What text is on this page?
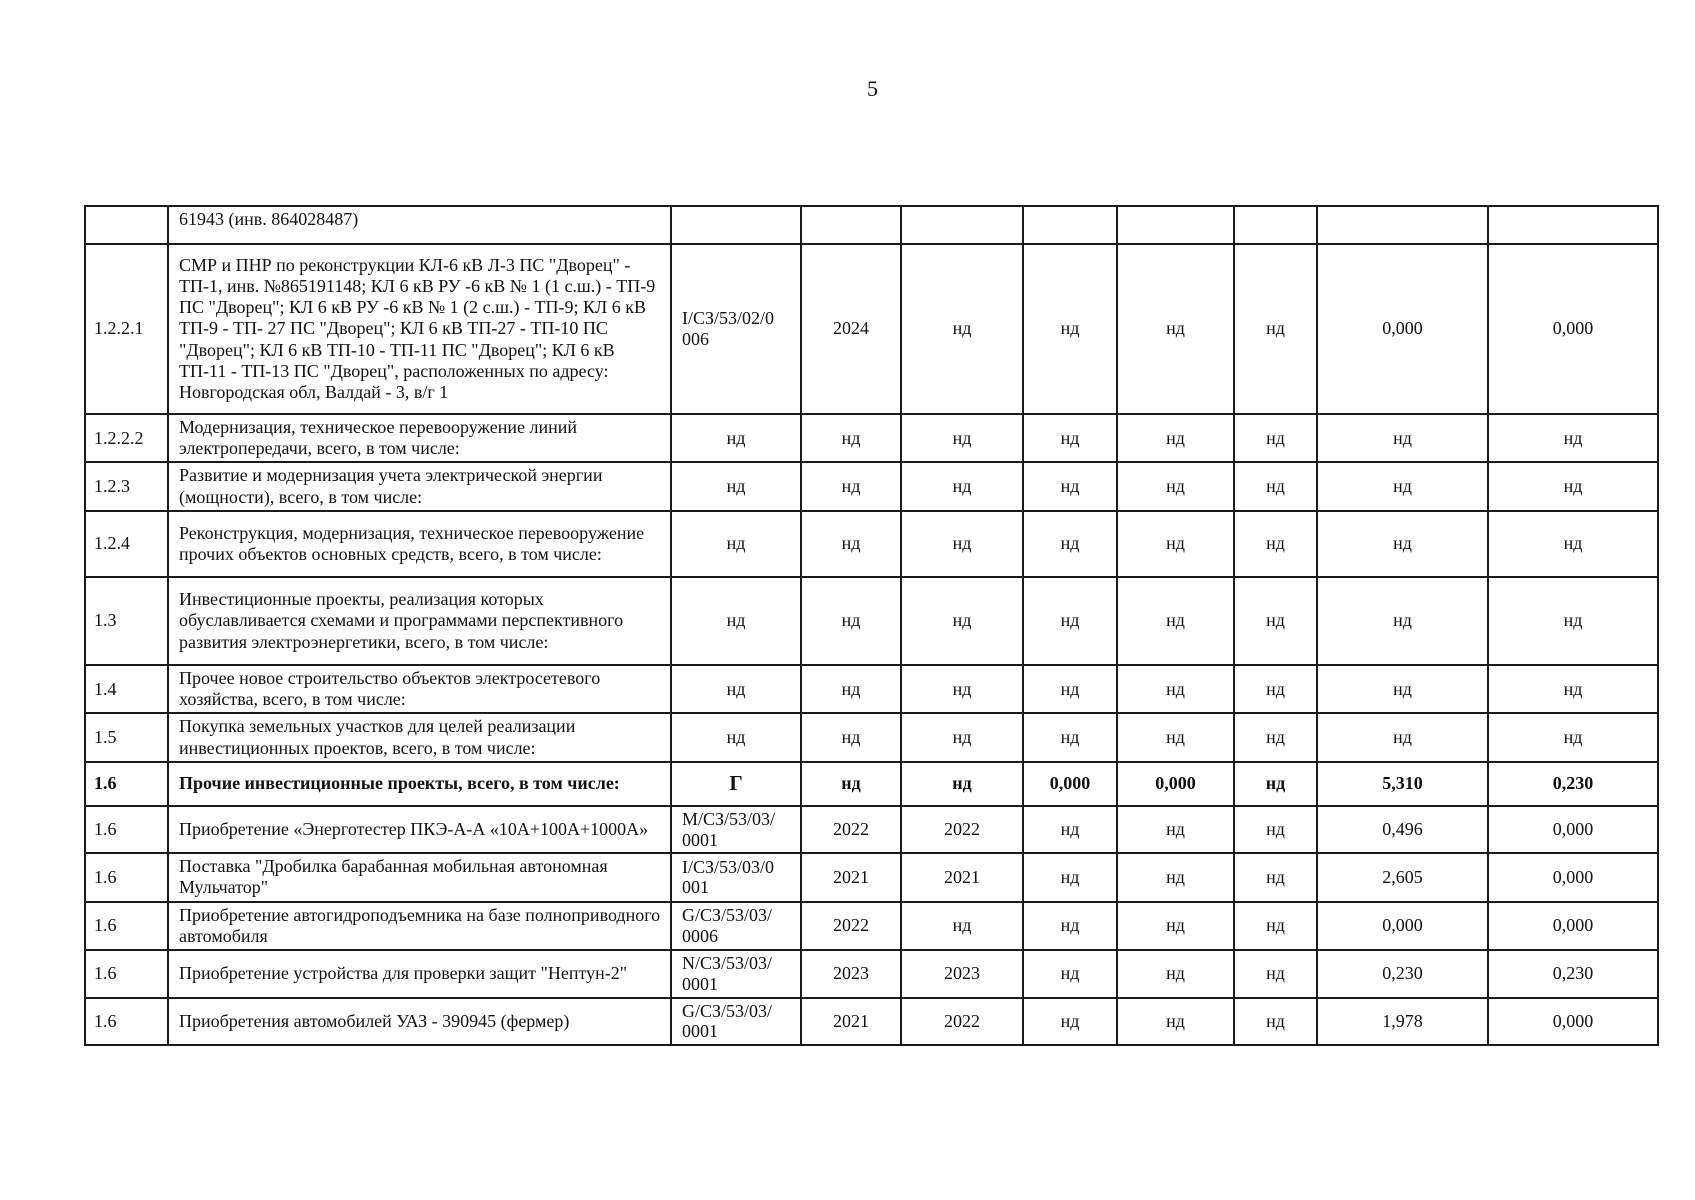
5
	61943 (инв. 864028487)								
1.2.2.1	СМР и ПНР по реконструкции КЛ-6 кВ Л-3 ПС "Дворец" - ТП-1, инв. №865191148; КЛ 6 кВ РУ -6 кВ № 1 (1 с.ш.) - ТП-9 ПС "Дворец"; КЛ 6 кВ РУ -6 кВ № 1 (2 с.ш.) - ТП-9; КЛ 6 кВ ТП-9 - ТП- 27 ПС "Дворец"; КЛ 6 кВ ТП-27 - ТП-10 ПС "Дворец"; КЛ 6 кВ ТП-10 - ТП-11 ПС "Дворец"; КЛ 6 кВ ТП-11 - ТП-13 ПС "Дворец", расположенных по адресу: Новгородская обл, Валдай - 3, в/г 1	I/СЗ/53/02/0 006	2024	нд	нд	нд	нд	0,000	0,000
1.2.2.2	Модернизация, техническое перевооружение линий электропередачи, всего, в том числе:	нд	нд	нд	нд	нд	нд	нд	нд
1.2.3	Развитие и модернизация учета электрической энергии (мощности), всего, в том числе:	нд	нд	нд	нд	нд	нд	нд	нд
1.2.4	Реконструкция, модернизация, техническое перевооружение прочих объектов основных средств, всего, в том числе:	нд	нд	нд	нд	нд	нд	нд	нд
1.3	Инвестиционные проекты, реализация которых обуславливается схемами и программами перспективного развития электроэнергетики, всего, в том числе:	нд	нд	нд	нд	нд	нд	нд	нд
1.4	Прочее новое строительство объектов электросетевого хозяйства, всего, в том числе:	нд	нд	нд	нд	нд	нд	нд	нд
1.5	Покупка земельных участков для целей реализации инвестиционных проектов, всего, в том числе:	нд	нд	нд	нд	нд	нд	нд	нд
1.6	Прочие инвестиционные проекты, всего, в том числе:	Г	нд	нд	0,000	0,000	нд	5,310	0,230
1.6	Приобретение «Энерготестер ПКЭ-А-А «10А+100А+1000А»	M/СЗ/53/03/ 0001	2022	2022	нд	нд	нд	0,496	0,000
1.6	Поставка "Дробилка барабанная мобильная автономная Мульчатор"	I/СЗ/53/03/0 001	2021	2021	нд	нд	нд	2,605	0,000
1.6	Приобретение автогидроподъемника на базе полноприводного автомобиля	G/СЗ/53/03/ 0006	2022	нд	нд	нд	нд	0,000	0,000
1.6	Приобретение устройства для проверки защит "Нептун-2"	N/СЗ/53/03/ 0001	2023	2023	нд	нд	нд	0,230	0,230
1.6	Приобретения автомобилей УАЗ - 390945 (фермер)	G/СЗ/53/03/ 0001	2021	2022	нд	нд	нд	1,978	0,000
